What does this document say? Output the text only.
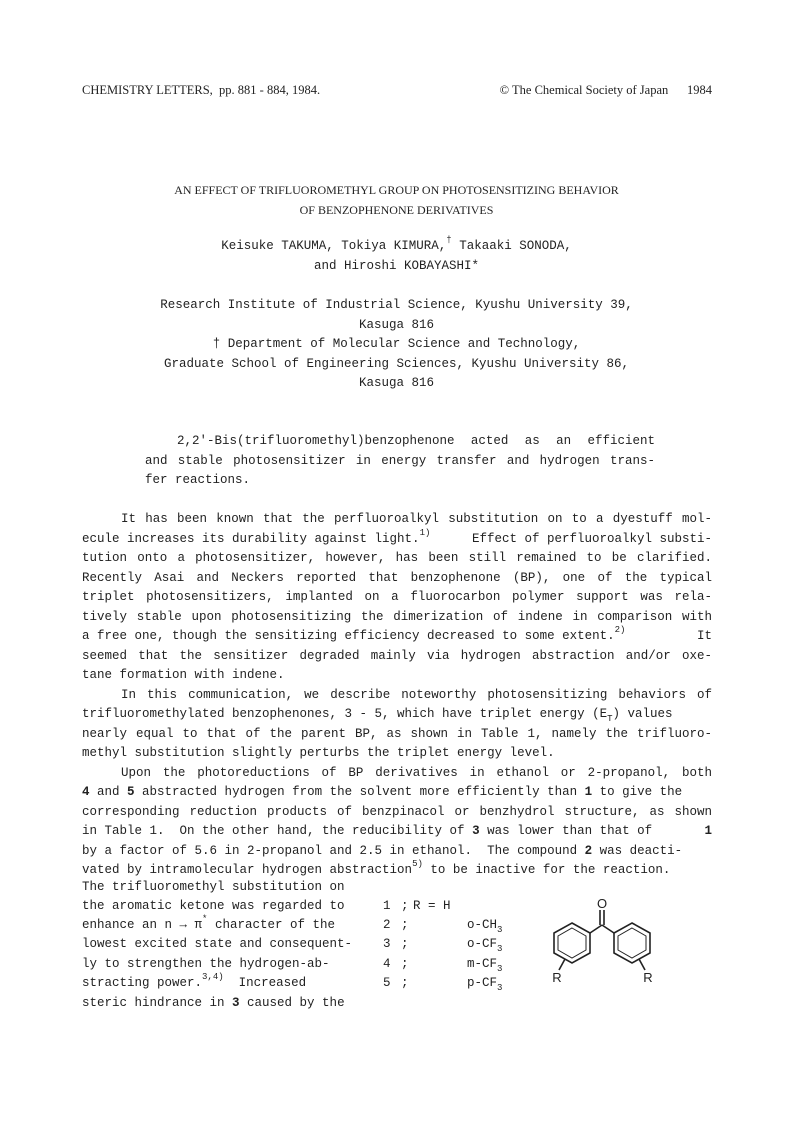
CHEMISTRY LETTERS, pp. 881 - 884, 1984.	© The Chemical Society of Japan 1984
AN EFFECT OF TRIFLUOROMETHYL GROUP ON PHOTOSENSITIZING BEHAVIOR
OF BENZOPHENONE DERIVATIVES
Keisuke TAKUMA, Tokiya KIMURA,† Takaaki SONODA,
and Hiroshi KOBAYASHI*
Research Institute of Industrial Science, Kyushu University 39,
Kasuga 816
† Department of Molecular Science and Technology,
Graduate School of Engineering Sciences, Kyushu University 86,
Kasuga 816
2,2'-Bis(trifluoromethyl)benzophenone acted as an efficient
and stable photosensitizer in energy transfer and hydrogen trans-
fer reactions.
It has been known that the perfluoroalkyl substitution on to a dyestuff mol-
ecule increases its durability against light.$^{1)}$	Effect of perfluoroalkyl substi-
tution onto a photosensitizer, however, has been still remained to be clarified.
Recently Asai and Neckers reported that benzophenone (BP), one of the typical
triplet photosensitizers, implanted on a fluorocarbon polymer support was rela-
tively stable upon photosensitizing the dimerization of indene in comparison with
a free one, though the sensitizing efficiency decreased to some extent.$^{2)}$	It
seemed that the sensitizer degraded mainly via hydrogen abstraction and/or oxe-
tane formation with indene.
In this communication, we describe noteworthy photosensitizing behaviors of
trifluoromethylated benzophenones, 3 - 5, which have triplet energy $(E_T)$ values
nearly equal to that of the parent BP, as shown in Table 1, namely the trifluoro-
methyl substitution slightly perturbs the triplet energy level.
Upon the photoreductions of BP derivatives in ethanol or 2-propanol, both
4 and 5 abstracted hydrogen from the solvent more efficiently than 1 to give the
corresponding reduction products of benzpinacol or benzhydrol structure, as shown
in Table 1.  On the other hand, the reducibility of 3 was lower than that of	1
by a factor of 5.6 in 2-propanol and 2.5 in ethanol.  The compound 2 was deacti-
vated by intramolecular hydrogen abstraction$^{5)}$ to be inactive for the reaction.
The trifluoromethyl substitution on
the aromatic ketone was regarded to
enhance an n → π* character of the
lowest excited state and consequent-
ly to strengthen the hydrogen-ab-
stracting power.$^{3,4)}$  Increased
steric hindrance in 3 caused by the
1 ; R = H
2 ;	$o-CH_3$
3 ;	$o-CF_3$
4 ;	$m-CF_3$
5 ;	$p-CF_3$
O
R	R
